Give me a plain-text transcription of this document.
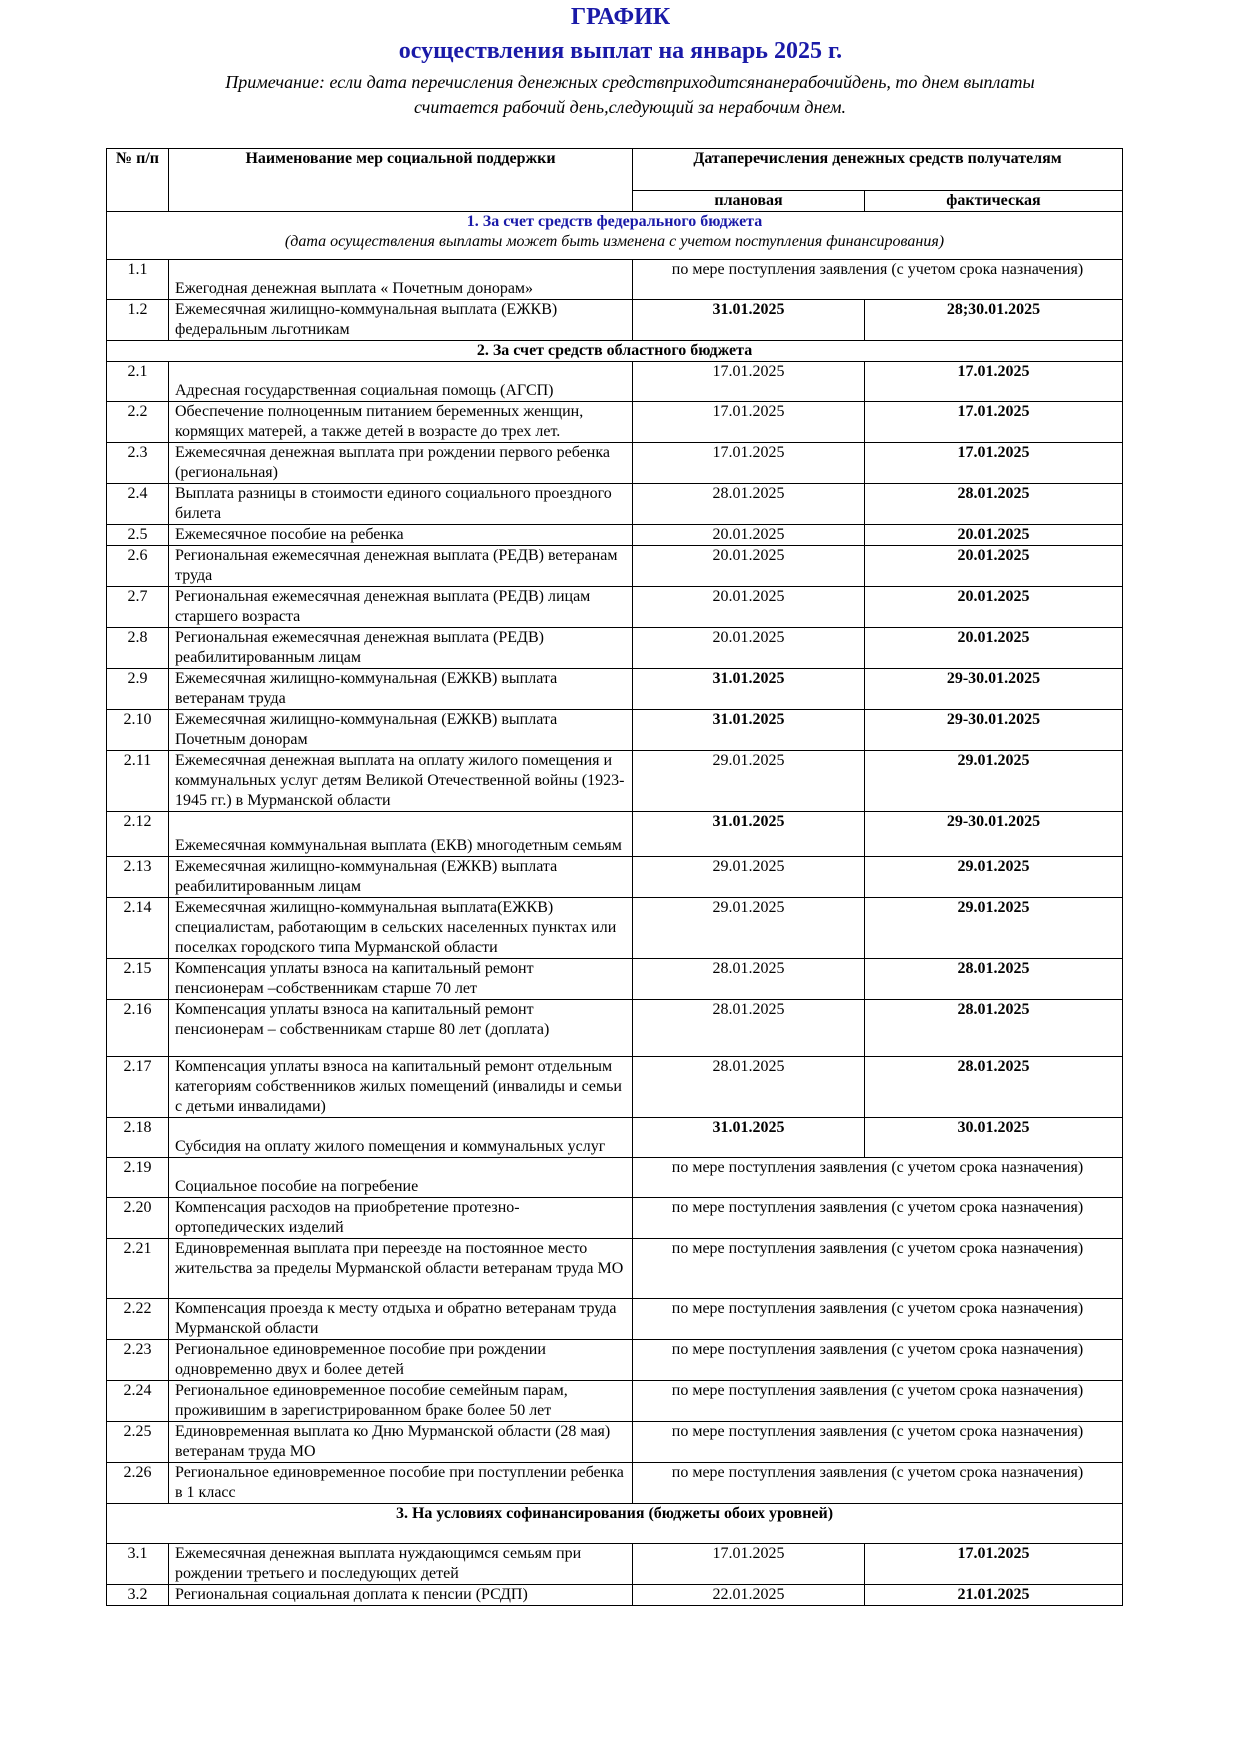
ГРАФИК
осуществления выплат на январь 2025 г.
Примечание: если дата перечисления денежных средствприходитсянанерабочийдень, то днем выплаты
считается рабочий день,следующий за нерабочим днем.
№ п/п	Наименование мер социальной поддержки	Датаперечисления денежных средств получателям	
		плановая	фактическая

1. За счет средств федерального бюджета
(дата осуществления выплаты может быть изменена с учетом поступления финансирования)			

1.1	Ежегодная денежная выплата « Почетным донорам»	по мере поступления заявления (с учетом срока назначения)	
1.2	Ежемесячная жилищно-коммунальная выплата (ЕЖКВ) федеральным льготникам	31.01.2025	28;30.01.2025

2. За счет средств областного бюджета			

2.1	Адресная государственная социальная помощь (АГСП)	17.01.2025	17.01.2025
2.2	Обеспечение полноценным питанием беременных женщин, кормящих матерей, а также детей в возрасте до трех лет.	17.01.2025	17.01.2025
2.3	Ежемесячная денежная выплата при рождении первого ребенка (региональная)	17.01.2025	17.01.2025
2.4	Выплата разницы в стоимости единого социального проездного билета	28.01.2025	28.01.2025
2.5	Ежемесячное пособие на ребенка	20.01.2025	20.01.2025
2.6	Региональная ежемесячная денежная выплата (РЕДВ) ветеранам труда	20.01.2025	20.01.2025
2.7	Региональная ежемесячная денежная выплата (РЕДВ) лицам старшего возраста	20.01.2025	20.01.2025
2.8	Региональная ежемесячная денежная выплата (РЕДВ) реабилитированным лицам	20.01.2025	20.01.2025
2.9	Ежемесячная жилищно-коммунальная (ЕЖКВ) выплата ветеранам труда	31.01.2025	29-30.01.2025
2.10	Ежемесячная жилищно-коммунальная (ЕЖКВ) выплата Почетным донорам	31.01.2025	29-30.01.2025
2.11	Ежемесячная денежная выплата на оплату жилого помещения и коммунальных услуг детям Великой Отечественной войны (1923-1945 гг.) в Мурманской области	29.01.2025	29.01.2025
2.12	Ежемесячная коммунальная выплата (ЕКВ) многодетным семьям	31.01.2025	29-30.01.2025
2.13	Ежемесячная жилищно-коммунальная (ЕЖКВ) выплата реабилитированным лицам	29.01.2025	29.01.2025
2.14	Ежемесячная жилищно-коммунальная выплата(ЕЖКВ) специалистам, работающим в сельских населенных пунктах или поселках городского типа Мурманской области	29.01.2025	29.01.2025
2.15	Компенсация уплаты взноса на капитальный ремонт пенсионерам –собственникам старше 70 лет	28.01.2025	28.01.2025
2.16	Компенсация уплаты взноса на капитальный ремонт пенсионерам – собственникам старше 80 лет (доплата)	28.01.2025	28.01.2025
2.17	Компенсация уплаты взноса на капитальный ремонт отдельным категориям собственников жилых помещений (инвалиды и семьи с детьми инвалидами)	28.01.2025	28.01.2025
2.18	Субсидия на оплату жилого помещения и коммунальных услуг	31.01.2025	30.01.2025
2.19	Социальное пособие на погребение	по мере поступления заявления (с учетом срока назначения)	
2.20	Компенсация расходов на приобретение протезно-ортопедических изделий	по мере поступления заявления (с учетом срока назначения)	
2.21	Единовременная выплата при переезде на постоянное место жительства за пределы Мурманской области ветеранам труда МО	по мере поступления заявления (с учетом срока назначения)	
2.22	Компенсация проезда к месту отдыха и обратно ветеранам труда Мурманской области	по мере поступления заявления (с учетом срока назначения)	
2.23	Региональное единовременное пособие при рождении одновременно двух и более детей	по мере поступления заявления (с учетом срока назначения)	
2.24	Региональное единовременное пособие семейным парам, проживишим в зарегистрированном браке более 50 лет	по мере поступления заявления (с учетом срока назначения)	
2.25	Единовременная выплата ко Дню Мурманской области (28 мая) ветеранам труда МО	по мере поступления заявления (с учетом срока назначения)	
2.26	Региональное единовременное пособие при поступлении ребенка в 1 класс	по мере поступления заявления (с учетом срока назначения)	

3. На условиях софинансирования (бюджеты обоих уровней)			

3.1	Ежемесячная денежная выплата нуждающимся семьям при рождении третьего и последующих детей	17.01.2025	17.01.2025
3.2	Региональная социальная доплата к пенсии (РСДП)	22.01.2025	21.01.2025
